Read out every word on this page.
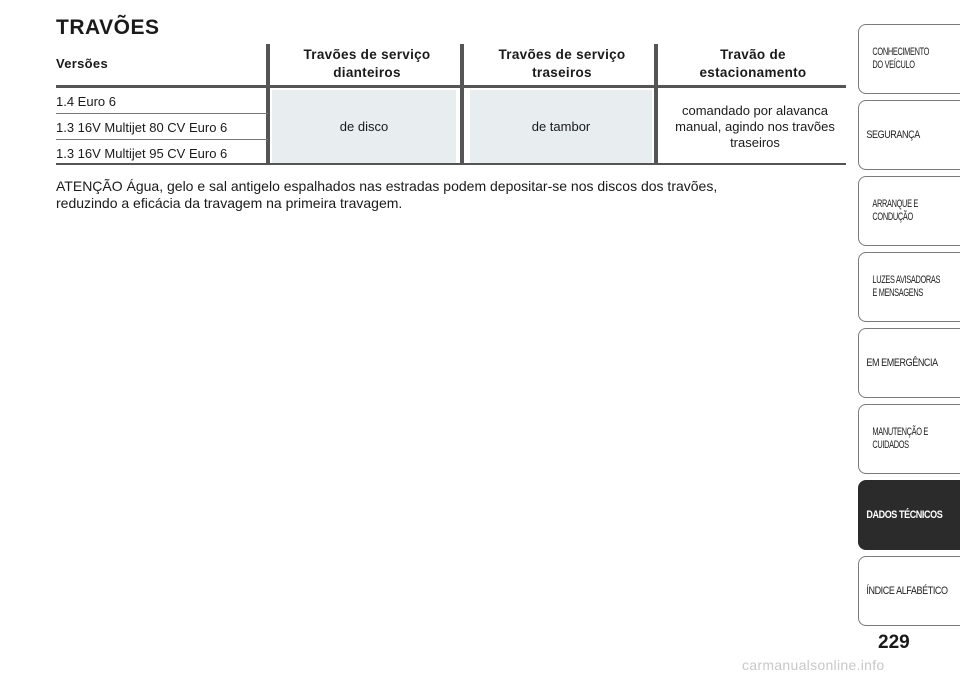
TRAVÕES
Versões
Travões de serviço
dianteiros
Travões de serviço
traseiros
Travão de
estacionamento
1.4 Euro 6
1.3 16V Multijet 80 CV Euro 6
1.3 16V Multijet 95 CV Euro 6
de disco	de tambor
comandado por alavanca
manual, agindo nos travões
traseiros
ATENÇÃO Água, gelo e sal antigelo espalhados nas estradas podem depositar-se nos discos dos travões,
reduzindo a eficácia da travagem na primeira travagem.
CONHECIMENTO
DO VEÍCULO
SEGURANÇA
ARRANQUE E
CONDUÇÃO
LUZES AVISADORAS
E MENSAGENS
EM EMERGÊNCIA
MANUTENÇÃO E
CUIDADOS
DADOS TÉCNICOS
ÍNDICE ALFABÉTICO
229
carmanualsonline.info
